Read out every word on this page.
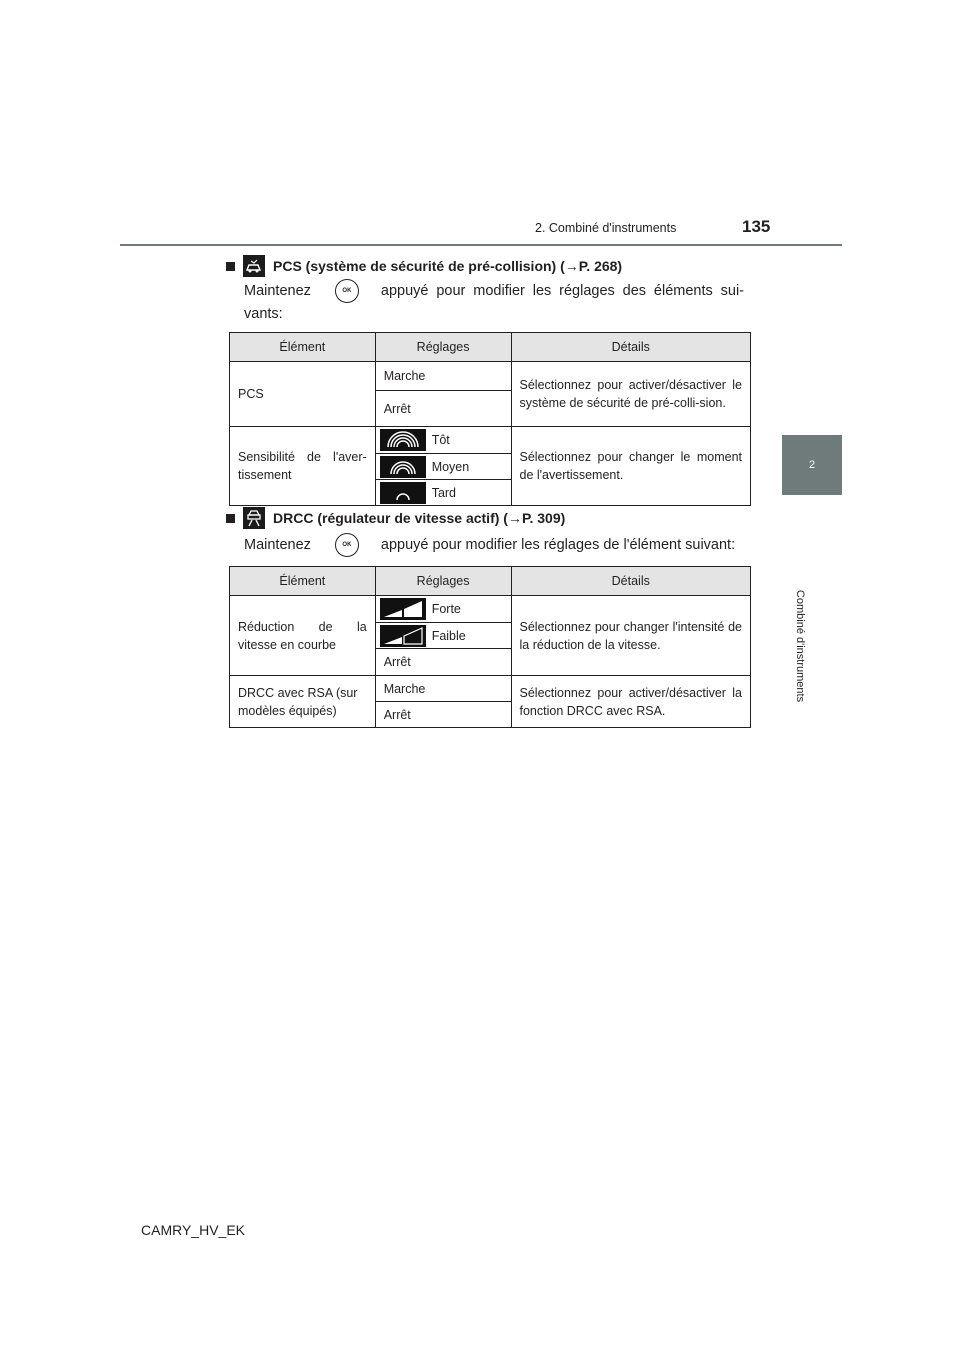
2. Combiné d'instruments	135
2
Combiné d'instruments
PCS (système de sécurité de pré-collision) ( → P. 268)
Maintenez	OK	appuyé pour modifier les réglages des éléments sui-
vants:
Élément	Réglages	Détails
PCS	Marche	Sélectionnez pour activer/désactiver le système de sécurité de pré-colli-sion.
	Arrêt	
Sensibilité de l'aver-tissement	Tôt	Sélectionnez pour changer le moment de l'avertissement.

	Moyen	

	Tard	
DRCC (régulateur de vitesse actif) ( → P. 309)
Maintenez	OK	appuyé pour modifier les réglages de l'élément suivant:
Élément	Réglages	Détails
Réduction de la vitesse en courbe	Forte	Sélectionnez pour changer l'intensité de la réduction de la vitesse.

	Faible	

	Arrêt	
DRCC avec RSA (sur modèles équipés)	Marche	Sélectionnez pour activer/désactiver la fonction DRCC avec RSA.
	Arrêt	
CAMRY_HV_EK
